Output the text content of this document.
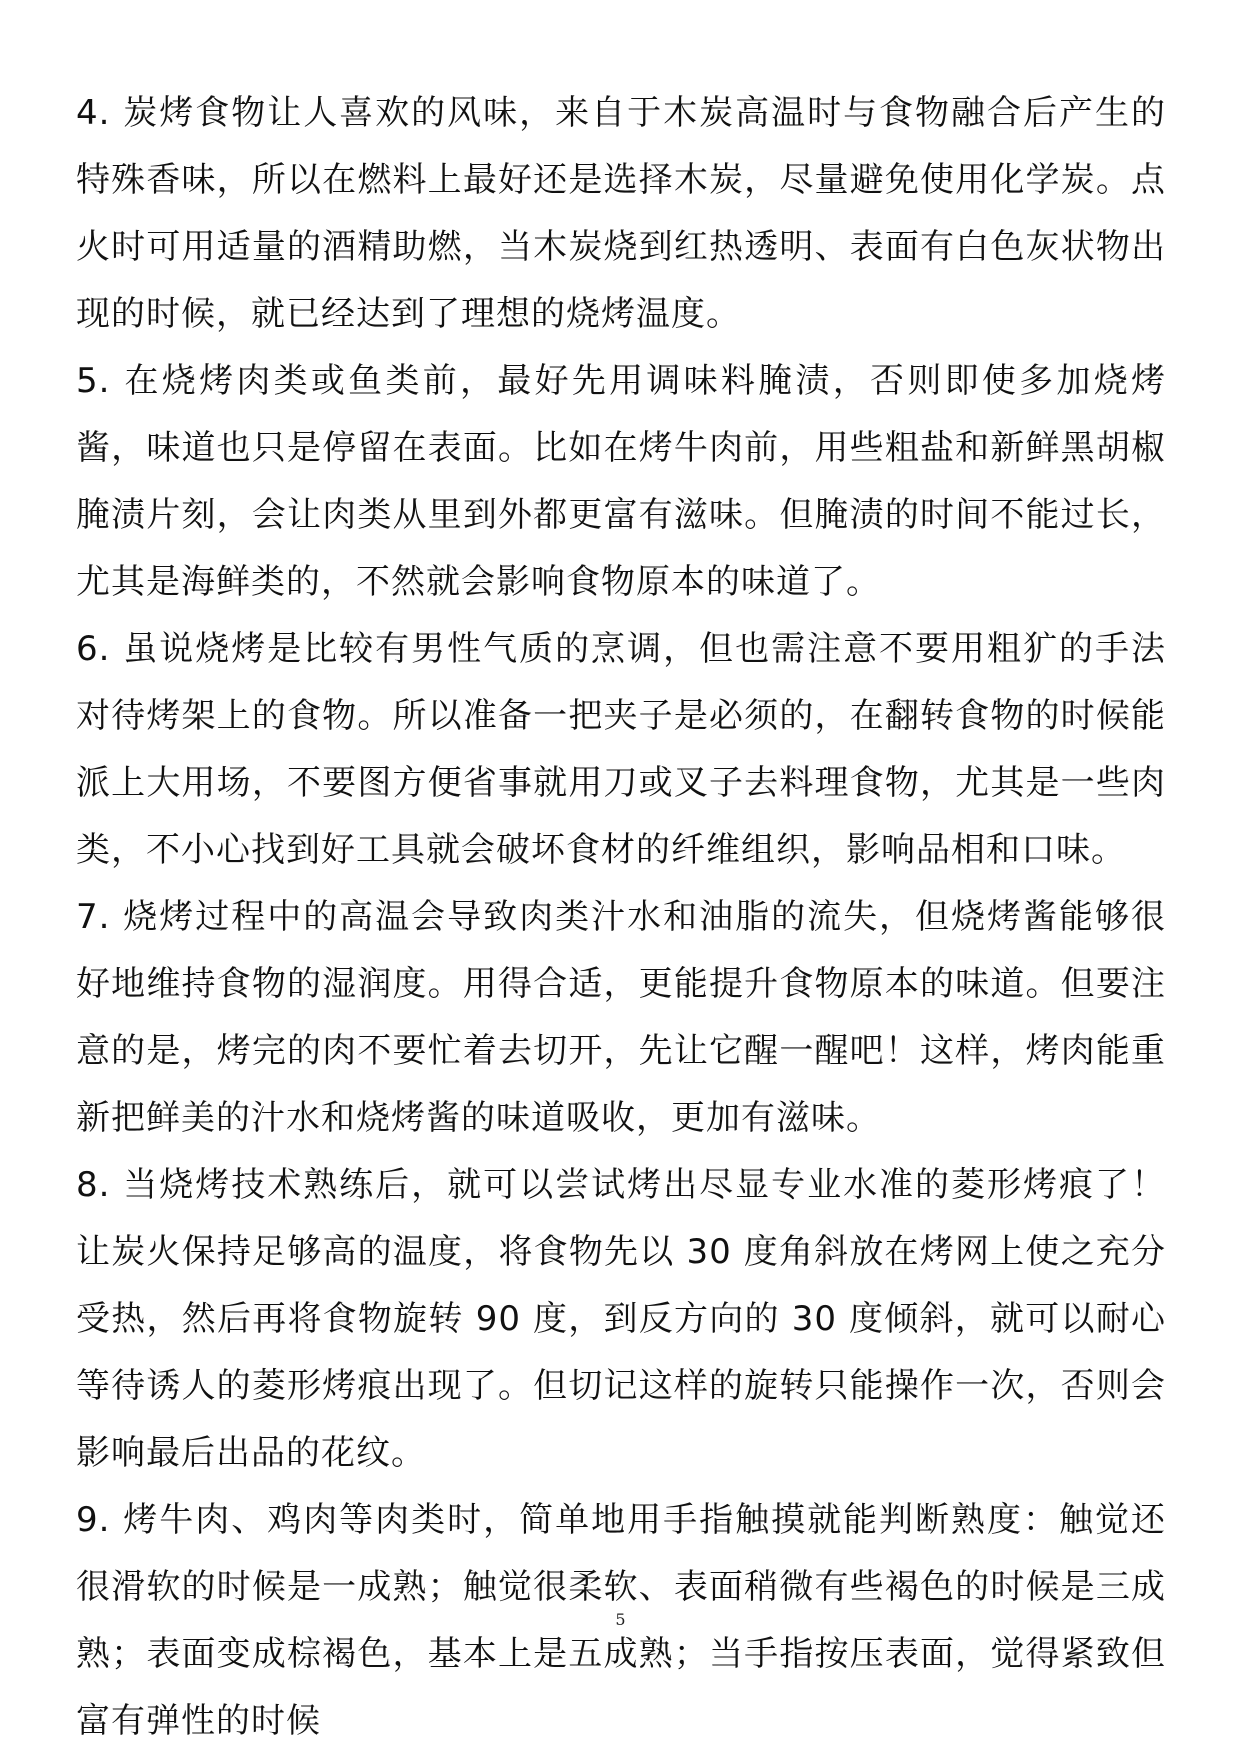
4. 炭烤食物让人喜欢的风味，来自于木炭高温时与食物融合后产生的特殊香味，所以在燃料上最好还是选择木炭，尽量避免使用化学炭。点火时可用适量的酒精助燃，当木炭烧到红热透明、表面有白色灰状物出现的时候，就已经达到了理想的烧烤温度。

5. 在烧烤肉类或鱼类前，最好先用调味料腌渍，否则即使多加烧烤酱，味道也只是停留在表面。比如在烤牛肉前，用些粗盐和新鲜黑胡椒腌渍片刻，会让肉类从里到外都更富有滋味。但腌渍的时间不能过长，尤其是海鲜类的，不然就会影响食物原本的味道了。

6. 虽说烧烤是比较有男性气质的烹调，但也需注意不要用粗犷的手法对待烤架上的食物。所以准备一把夹子是必须的，在翻转食物的时候能派上大用场，不要图方便省事就用刀或叉子去料理食物，尤其是一些肉类，不小心找到好工具就会破坏食材的纤维组织，影响品相和口味。

7. 烧烤过程中的高温会导致肉类汁水和油脂的流失，但烧烤酱能够很好地维持食物的湿润度。用得合适，更能提升食物原本的味道。但要注意的是，烤完的肉不要忙着去切开，先让它醒一醒吧！这样，烤肉能重新把鲜美的汁水和烧烤酱的味道吸收，更加有滋味。

8. 当烧烤技术熟练后，就可以尝试烤出尽显专业水准的菱形烤痕了！让炭火保持足够高的温度，将食物先以 30 度角斜放在烤网上使之充分受热，然后再将食物旋转 90 度，到反方向的 30 度倾斜，就可以耐心等待诱人的菱形烤痕出现了。但切记这样的旋转只能操作一次，否则会影响最后出品的花纹。

9. 烤牛肉、鸡肉等肉类时，简单地用手指触摸就能判断熟度：触觉还很滑软的时候是一成熟；触觉很柔软、表面稍微有些褐色的时候是三成熟；表面变成棕褐色，基本上是五成熟；当手指按压表面，觉得紧致但富有弹性的时候

5
